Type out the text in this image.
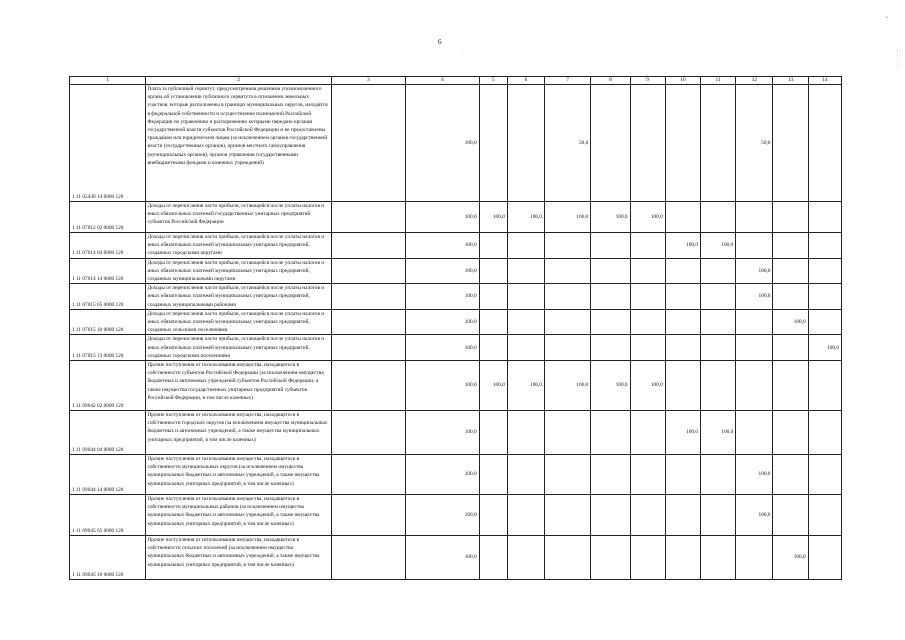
•
·
6
· · · ·
1	2	3	4	5	6	7	8	9	10	11	12	13	14
1 11 05430 14 0000 120	Плата за публичный сервитут, предусмотренная решением уполномоченного органа об установлении публичного сервитута в отношении земельных участков, которые расположены в границах муниципальных округов, находятся в федеральной собственности и осуществление полномочий Российской Федерации по управлению и распоряжению которыми передано органам государственной власти субъектов Российской Федерации и не предоставлены гражданам или юридическим лицам (за исключением органов государственной власти (государственных органов), органов местного самоуправления (муниципальных органов), органов управления государственными внебюджетными фондами и казенных учреждений)		100,0			50,0					50,0		
1 11 07012 02 0000 120	Доходы от перечисления части прибыли, остающейся после уплаты налогов и иных обязательных платежей государственных унитарных предприятий субъектов Российской Федерации		100,0	100,0	100,0	100,0	100,0	100,0					
1 11 07014 04 0000 120	Доходы от перечисления части прибыли, остающейся после уплаты налогов и иных обязательных платежей муниципальных унитарных предприятий, созданных городскими округами		100,0						100,0	100,0			
1 11 07014 14 0000 120	Доходы от перечисления части прибыли, остающейся после уплаты налогов и иных обязательных платежей муниципальных унитарных предприятий, созданных муниципальными округами		100,0								100,0		
1 11 07015 05 0000 120	Доходы от перечисления части прибыли, остающейся после уплаты налогов и иных обязательных платежей муниципальных унитарных предприятий, созданных муниципальными районами		100,0								100,0		
1 11 07015 10 0000 120	Доходы от перечисления части прибыли, остающейся после уплаты налогов и иных обязательных платежей муниципальных унитарных предприятий, созданных сельскими поселениями		100,0									100,0	
1 11 07015 13 0000 120	Доходы от перечисления части прибыли, остающейся после уплаты налогов и иных обязательных платежей муниципальных унитарных предприятий, созданных городскими поселениями		100,0										100,0
1 11 09042 02 0000 120	Прочие поступления от использования имущества, находящегося в собственности субъектов Российской Федерации (за исключением имущества бюджетных и автономных учреждений субъектов Российской Федерации, а также имущества государственных унитарных предприятий субъектов Российской Федерации, в том числе казенных)		100,0	100,0	100,0	100,0	100,0	100,0					
1 11 09044 04 0000 120	Прочие поступления от использования имущества, находящегося в собственности городских округов (за исключением имущества муниципальных бюджетных и автономных учреждений, а также имущества муниципальных унитарных предприятий, в том числе казенных)		100,0						100,0	100,0			
1 11 09044 14 0000 120	Прочие поступления от использования имущества, находящегося в собственности муниципальных округов (за исключением имущества муниципальных бюджетных и автономных учреждений, а также имущества муниципальных унитарных предприятий, в том числе казенных)		100,0								100,0		
1 11 09045 05 0000 120	Прочие поступления от использования имущества, находящегося в собственности муниципальных районов (за исключением имущества муниципальных бюджетных и автономных учреждений, а также имущества муниципальных унитарных предприятий, в том числе казенных)		100,0								100,0		
1 11 09045 10 0000 120	Прочие поступления от использования имущества, находящегося в собственности сельских поселений (за исключением имущества муниципальных бюджетных и автономных учреждений, а также имущества муниципальных унитарных предприятий, в том числе казенных)		100,0									100,0	
